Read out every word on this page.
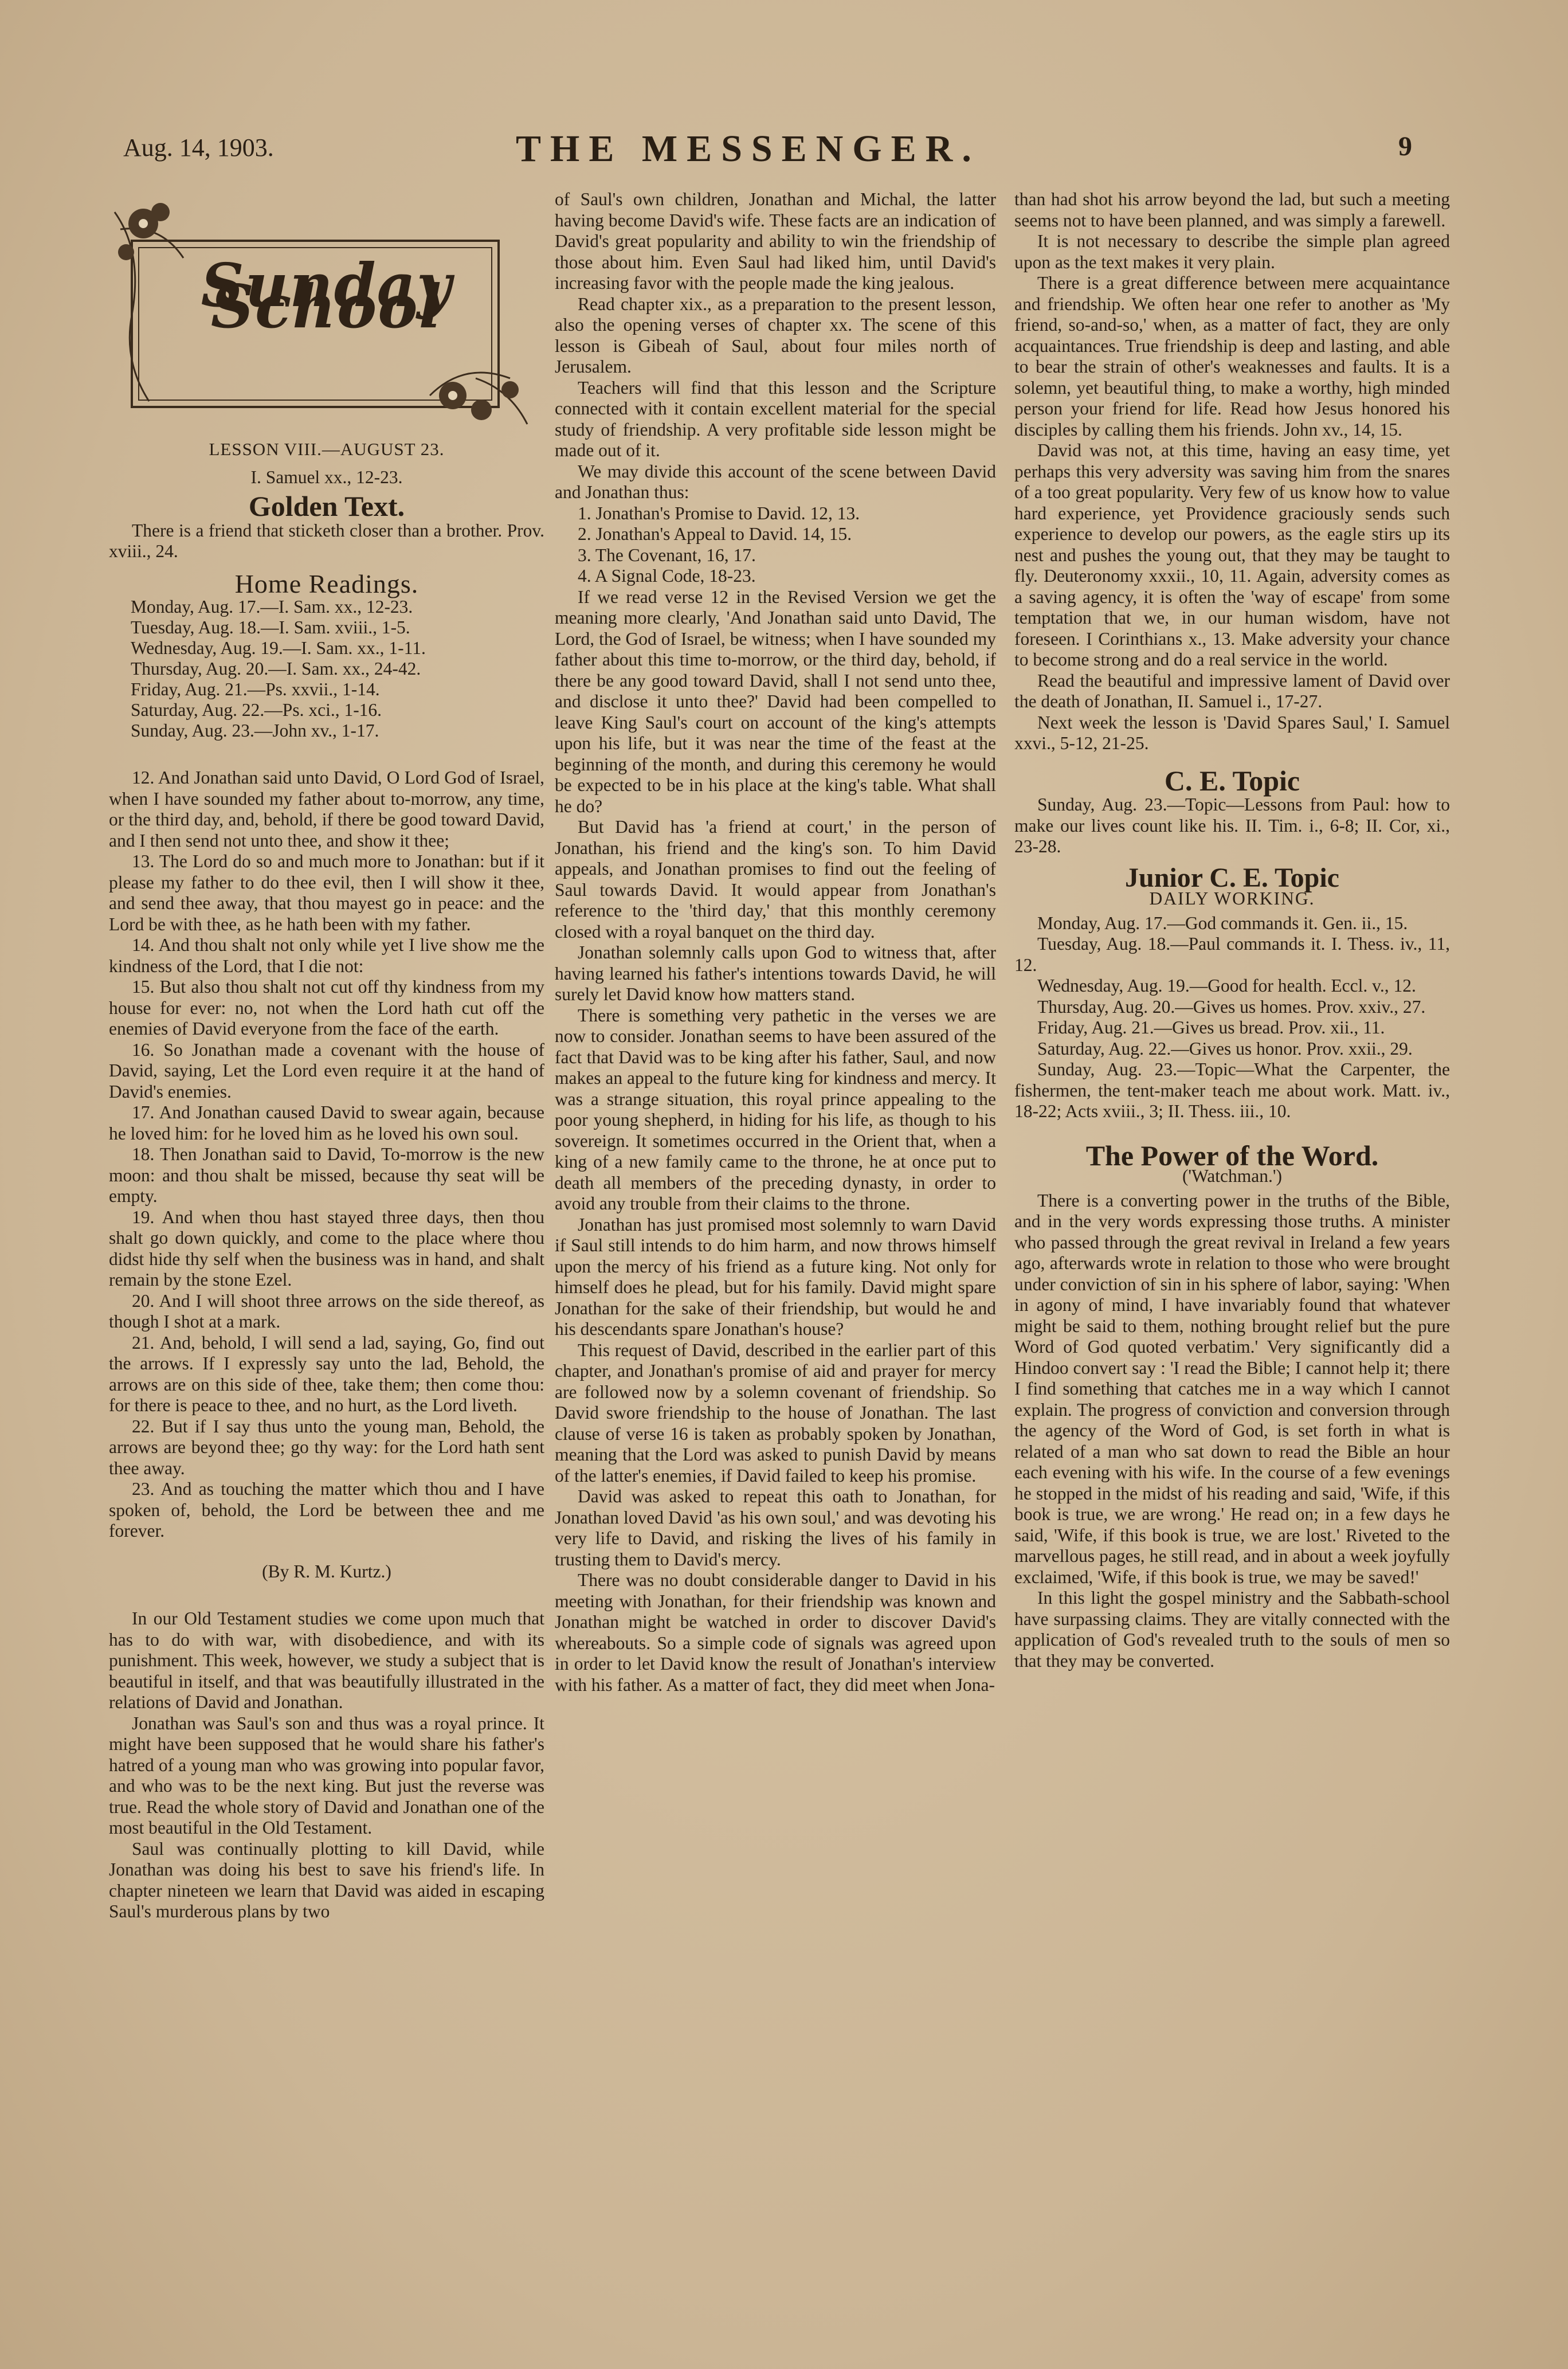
Aug. 14, 1903.	THE MESSENGER.	9
Sunday School
LESSON VIII.—AUGUST 23.
I. Samuel xx., 12-23.
Golden Text.

There is a friend that sticketh closer than a brother. Prov. xviii., 24.

Home Readings.
Monday, Aug. 17.—I. Sam. xx., 12-23.
Tuesday, Aug. 18.—I. Sam. xviii., 1-5.
Wednesday, Aug. 19.—I. Sam. xx., 1-11.
Thursday, Aug. 20.—I. Sam. xx., 24-42.
Friday, Aug. 21.—Ps. xxvii., 1-14.
Saturday, Aug. 22.—Ps. xci., 1-16.
Sunday, Aug. 23.—John xv., 1-17.

12. And Jonathan said unto David, O Lord God of Israel, when I have sounded my father about to-morrow, any time, or the third day, and, behold, if there be good toward David, and I then send not unto thee, and show it thee;

13. The Lord do so and much more to Jonathan: but if it please my father to do thee evil, then I will show it thee, and send thee away, that thou mayest go in peace: and the Lord be with thee, as he hath been with my father.

14. And thou shalt not only while yet I live show me the kindness of the Lord, that I die not:

15. But also thou shalt not cut off thy kindness from my house for ever: no, not when the Lord hath cut off the enemies of David everyone from the face of the earth.

16. So Jonathan made a covenant with the house of David, saying, Let the Lord even require it at the hand of David's enemies.

17. And Jonathan caused David to swear again, because he loved him: for he loved him as he loved his own soul.

18. Then Jonathan said to David, To-morrow is the new moon: and thou shalt be missed, because thy seat will be empty.

19. And when thou hast stayed three days, then thou shalt go down quickly, and come to the place where thou didst hide thy self when the business was in hand, and shalt remain by the stone Ezel.

20. And I will shoot three arrows on the side thereof, as though I shot at a mark.

21. And, behold, I will send a lad, saying, Go, find out the arrows. If I expressly say unto the lad, Behold, the arrows are on this side of thee, take them; then come thou: for there is peace to thee, and no hurt, as the Lord liveth.

22. But if I say thus unto the young man, Behold, the arrows are beyond thee; go thy way: for the Lord hath sent thee away.

23. And as touching the matter which thou and I have spoken of, behold, the Lord be between thee and me forever.

(By R. M. Kurtz.)

In our Old Testament studies we come upon much that has to do with war, with disobedience, and with its punishment. This week, however, we study a subject that is beautiful in itself, and that was beautifully illustrated in the relations of David and Jonathan.

Jonathan was Saul's son and thus was a royal prince. It might have been supposed that he would share his father's hatred of a young man who was growing into popular favor, and who was to be the next king. But just the reverse was true. Read the whole story of David and Jonathan one of the most beautiful in the Old Testament.

Saul was continually plotting to kill David, while Jonathan was doing his best to save his friend's life. In chapter nineteen we learn that David was aided in escaping Saul's murderous plans by two

of Saul's own children, Jonathan and Michal, the latter having become David's wife. These facts are an indication of David's great popularity and ability to win the friendship of those about him. Even Saul had liked him, until David's increasing favor with the people made the king jealous.

Read chapter xix., as a preparation to the present lesson, also the opening verses of chapter xx. The scene of this lesson is Gibeah of Saul, about four miles north of Jerusalem.

Teachers will find that this lesson and the Scripture connected with it contain excellent material for the special study of friendship. A very profitable side lesson might be made out of it.

We may divide this account of the scene between David and Jonathan thus:

1. Jonathan's Promise to David. 12, 13.

2. Jonathan's Appeal to David. 14, 15.

3. The Covenant, 16, 17.

4. A Signal Code, 18-23.

If we read verse 12 in the Revised Version we get the meaning more clearly, 'And Jonathan said unto David, The Lord, the God of Israel, be witness; when I have sounded my father about this time to-morrow, or the third day, behold, if there be any good toward David, shall I not send unto thee, and disclose it unto thee?' David had been compelled to leave King Saul's court on account of the king's attempts upon his life, but it was near the time of the feast at the beginning of the month, and during this ceremony he would be expected to be in his place at the king's table. What shall he do?

But David has 'a friend at court,' in the person of Jonathan, his friend and the king's son. To him David appeals, and Jonathan promises to find out the feeling of Saul towards David. It would appear from Jonathan's reference to the 'third day,' that this monthly ceremony closed with a royal banquet on the third day.

Jonathan solemnly calls upon God to witness that, after having learned his father's intentions towards David, he will surely let David know how matters stand.

There is something very pathetic in the verses we are now to consider. Jonathan seems to have been assured of the fact that David was to be king after his father, Saul, and now makes an appeal to the future king for kindness and mercy. It was a strange situation, this royal prince appealing to the poor young shepherd, in hiding for his life, as though to his sovereign. It sometimes occurred in the Orient that, when a king of a new family came to the throne, he at once put to death all members of the preceding dynasty, in order to avoid any trouble from their claims to the throne.

Jonathan has just promised most solemnly to warn David if Saul still intends to do him harm, and now throws himself upon the mercy of his friend as a future king. Not only for himself does he plead, but for his family. David might spare Jonathan for the sake of their friendship, but would he and his descendants spare Jonathan's house?

This request of David, described in the earlier part of this chapter, and Jonathan's promise of aid and prayer for mercy are followed now by a solemn covenant of friendship. So David swore friendship to the house of Jonathan. The last clause of verse 16 is taken as probably spoken by Jonathan, meaning that the Lord was asked to punish David by means of the latter's enemies, if David failed to keep his promise.

David was asked to repeat this oath to Jonathan, for Jonathan loved David 'as his own soul,' and was devoting his very life to David, and risking the lives of his family in trusting them to David's mercy.

There was no doubt considerable danger to David in his meeting with Jonathan, for their friendship was known and Jonathan might be watched in order to discover David's whereabouts. So a simple code of signals was agreed upon in order to let David know the result of Jonathan's interview with his father. As a matter of fact, they did meet when Jona-

than had shot his arrow beyond the lad, but such a meeting seems not to have been planned, and was simply a farewell.

It is not necessary to describe the simple plan agreed upon as the text makes it very plain.

There is a great difference between mere acquaintance and friendship. We often hear one refer to another as 'My friend, so-and-so,' when, as a matter of fact, they are only acquaintances. True friendship is deep and lasting, and able to bear the strain of other's weaknesses and faults. It is a solemn, yet beautiful thing, to make a worthy, high minded person your friend for life. Read how Jesus honored his disciples by calling them his friends. John xv., 14, 15.

David was not, at this time, having an easy time, yet perhaps this very adversity was saving him from the snares of a too great popularity. Very few of us know how to value hard experience, yet Providence graciously sends such experience to develop our powers, as the eagle stirs up its nest and pushes the young out, that they may be taught to fly. Deuteronomy xxxii., 10, 11. Again, adversity comes as a saving agency, it is often the 'way of escape' from some temptation that we, in our human wisdom, have not foreseen. I Corinthians x., 13. Make adversity your chance to become strong and do a real service in the world.

Read the beautiful and impressive lament of David over the death of Jonathan, II. Samuel i., 17-27.

Next week the lesson is 'David Spares Saul,' I. Samuel xxvi., 5-12, 21-25.

C. E. Topic

Sunday, Aug. 23.—Topic—Lessons from Paul: how to make our lives count like his. II. Tim. i., 6-8; II. Cor, xi., 23-28.

Junior C. E. Topic
DAILY WORKING.

Monday, Aug. 17.—God commands it. Gen. ii., 15.

Tuesday, Aug. 18.—Paul commands it. I. Thess. iv., 11, 12.

Wednesday, Aug. 19.—Good for health. Eccl. v., 12.

Thursday, Aug. 20.—Gives us homes. Prov. xxiv., 27.

Friday, Aug. 21.—Gives us bread. Prov. xii., 11.

Saturday, Aug. 22.—Gives us honor. Prov. xxii., 29.

Sunday, Aug. 23.—Topic—What the Carpenter, the fishermen, the tent-maker teach me about work. Matt. iv., 18-22; Acts xviii., 3; II. Thess. iii., 10.

The Power of the Word.
('Watchman.')

There is a converting power in the truths of the Bible, and in the very words expressing those truths. A minister who passed through the great revival in Ireland a few years ago, afterwards wrote in relation to those who were brought under conviction of sin in his sphere of labor, saying: 'When in agony of mind, I have invariably found that whatever might be said to them, nothing brought relief but the pure Word of God quoted verbatim.' Very significantly did a Hindoo convert say : 'I read the Bible; I cannot help it; there I find something that catches me in a way which I cannot explain. The progress of conviction and conversion through the agency of the Word of God, is set forth in what is related of a man who sat down to read the Bible an hour each evening with his wife. In the course of a few evenings he stopped in the midst of his reading and said, 'Wife, if this book is true, we are wrong.' He read on; in a few days he said, 'Wife, if this book is true, we are lost.' Riveted to the marvellous pages, he still read, and in about a week joyfully exclaimed, 'Wife, if this book is true, we may be saved!'

In this light the gospel ministry and the Sabbath-school have surpassing claims. They are vitally connected with the application of God's revealed truth to the souls of men so that they may be converted.
